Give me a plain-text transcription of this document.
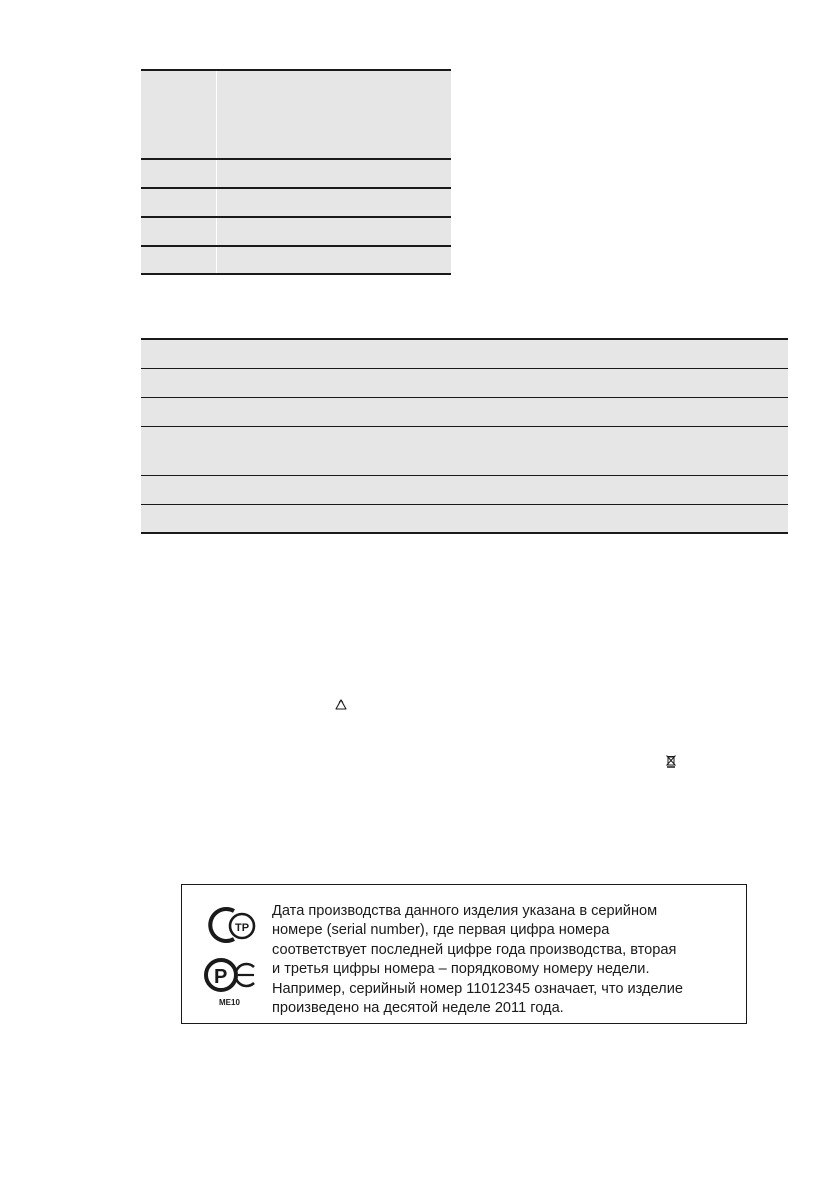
ТР
Р
ME10
Дата производства данного изделия указана в серийном
номере (serial number), где первая цифра номера
соответствует последней цифре года производства, вторая
и третья цифры номера – порядковому номеру недели.
Например, серийный номер 11012345 означает, что изделие
произведено на десятой неделе 2011 года.
